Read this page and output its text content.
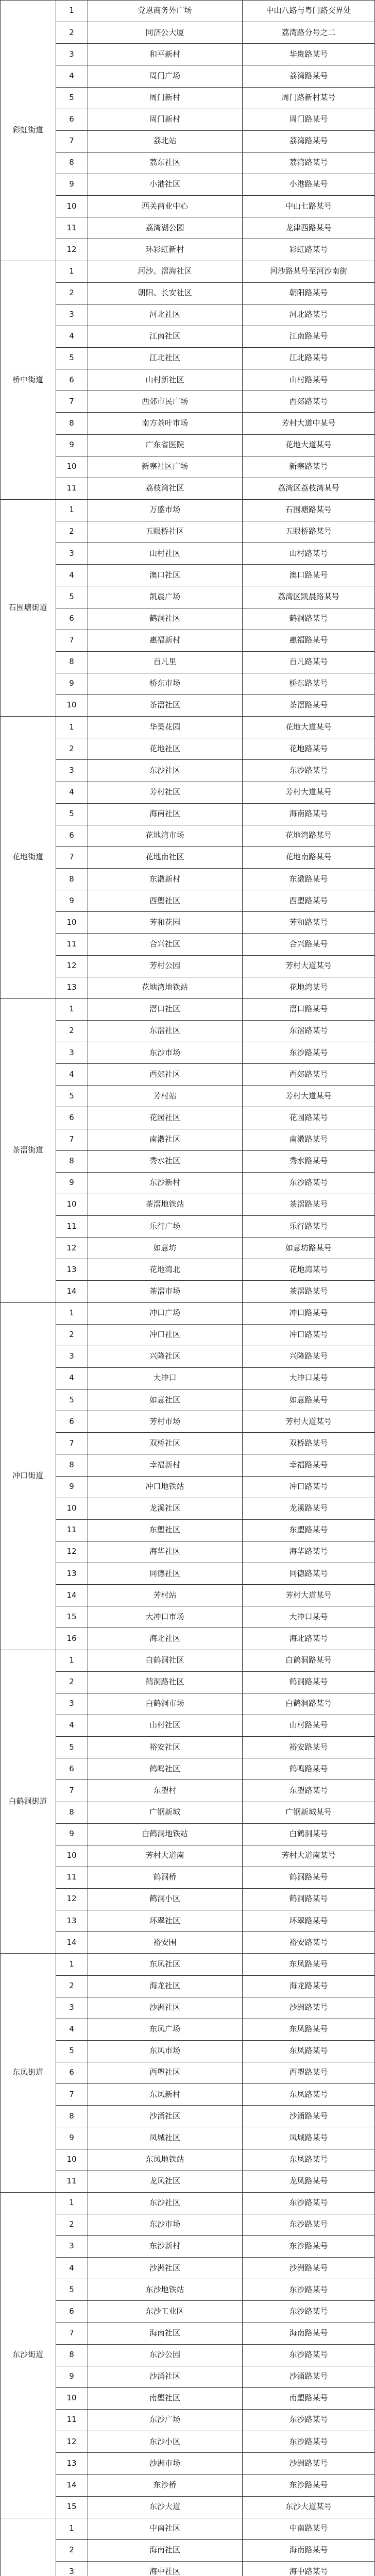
彩虹街道
1	党恩商务外广场	中山八路与粤门路交界处
2	同济公大厦	荔湾路分号之二
3	和平新村	华贵路某号
4	周门广场	荔湾路某号
5	周门新村	周门路新村某号
6	周门新村	周门路某号
7	荔北站	荔湾路某号
8	荔东社区	荔湾路某号
9	小港社区	小港路某号
10	西关商业中心	中山七路某号
11	荔湾湖公园	龙津西路某号
12	环彩虹新村	彩虹路某号
桥中街道
1	河沙、滘海社区	河沙路某号至河沙南街
2	朝阳、长安社区	朝阳路某号
3	河北社区	河北路某号
4	江南社区	江南路某号
5	江北社区	江北路某号
6	山村新社区	山村路某号
7	西郊市民广场	西郊路某号
8	南方茶叶市场	芳村大道中某号
9	广东省医院	花地大道某号
10	新塞社区广场	新塞路某号
11	荔枝湾社区	荔湾区荔枝湾某号
石围塘街道
1	万盛市场	石围塘路某号
2	五眼桥社区	五眼桥路某号
3	山村社区	山村路某号
4	澳口社区	澳口路某号
5	凯晨广场	荔湾区凯晨路某号
6	鹤洞社区	鹤洞路某号
7	惠福新村	惠福路某号
8	百凡里	百凡路某号
9	桥东市场	桥东路某号
10	茶滘社区	茶滘路某号
花地街道
1	华昊花园	花地大道某号
2	花地社区	花地路某号
3	东沙社区	东沙路某号
4	芳村社区	芳村大道某号
5	海南社区	海南路某号
6	花地湾市场	花地湾路某号
7	花地南社区	花地南路某号
8	东漖新村	东漖路某号
9	西塱社区	西塱路某号
10	芳和花园	芳和路某号
11	合兴社区	合兴路某号
12	芳村公园	芳村大道某号
13	花地湾地铁站	花地湾某号
茶滘街道
1	滘口社区	滘口路某号
2	东滘社区	东滘路某号
3	东沙市场	东沙路某号
4	西郊社区	西郊路某号
5	芳村站	芳村大道某号
6	花园社区	花园路某号
7	南漖社区	南漖路某号
8	秀水社区	秀水路某号
9	东沙新村	东沙路某号
10	茶滘地铁站	茶滘路某号
11	乐行广场	乐行路某号
12	如意坊	如意坊路某号
13	花地湾北	花地湾某号
14	茶滘市场	茶滘路某号
冲口街道
1	冲口广场	冲口路某号
2	冲口社区	冲口路某号
3	兴隆社区	兴隆路某号
4	大冲口	大冲口某号
5	如意社区	如意路某号
6	芳村市场	芳村大道某号
7	双桥社区	双桥路某号
8	幸福新村	幸福路某号
9	冲口地铁站	冲口路某号
10	龙溪社区	龙溪路某号
11	东塱社区	东塱路某号
12	海华社区	海华路某号
13	同德社区	同德路某号
14	芳村站	芳村大道某号
15	大冲口市场	大冲口某号
16	海北社区	海北路某号
白鹤洞街道
1	白鹤洞社区	白鹤洞路某号
2	鹤洞路社区	鹤洞路某号
3	白鹤洞市场	白鹤洞路某号
4	山村社区	山村路某号
5	裕安社区	裕安路某号
6	鹤鸣社区	鹤鸣路某号
7	东塱村	东塱路某号
8	广钢新城	广钢新城某号
9	白鹤洞地铁站	白鹤洞某号
10	芳村大道南	芳村大道南某号
11	鹤洞桥	鹤洞路某号
12	鹤洞小区	鹤洞路某号
13	环翠社区	环翠路某号
14	裕安围	裕安路某号
东凤街道
1	东凤社区	东凤路某号
2	海龙社区	海龙路某号
3	沙洲社区	沙洲路某号
4	东凤广场	东凤路某号
5	东凤市场	东凤路某号
6	西塱社区	西塱路某号
7	东凤新村	东凤路某号
8	沙涌社区	沙涌路某号
9	凤城社区	凤城路某号
10	东凤地铁站	东凤路某号
11	龙凤社区	龙凤路某号
东沙街道
1	东沙社区	东沙路某号
2	东沙市场	东沙路某号
3	东沙新村	东沙路某号
4	沙洲社区	沙洲路某号
5	东沙地铁站	东沙路某号
6	东沙工业区	东沙路某号
7	海南社区	海南路某号
8	东沙公园	东沙路某号
9	沙涌社区	沙涌路某号
10	南塱社区	南塱路某号
11	东沙广场	东沙路某号
12	东沙小区	东沙路某号
13	沙洲市场	沙洲路某号
14	东沙桥	东沙路某号
15	东沙大道	东沙大道某号
1	中南社区	中南路某号
2	海南社区	海南路某号
3	海中社区	海中路某号
